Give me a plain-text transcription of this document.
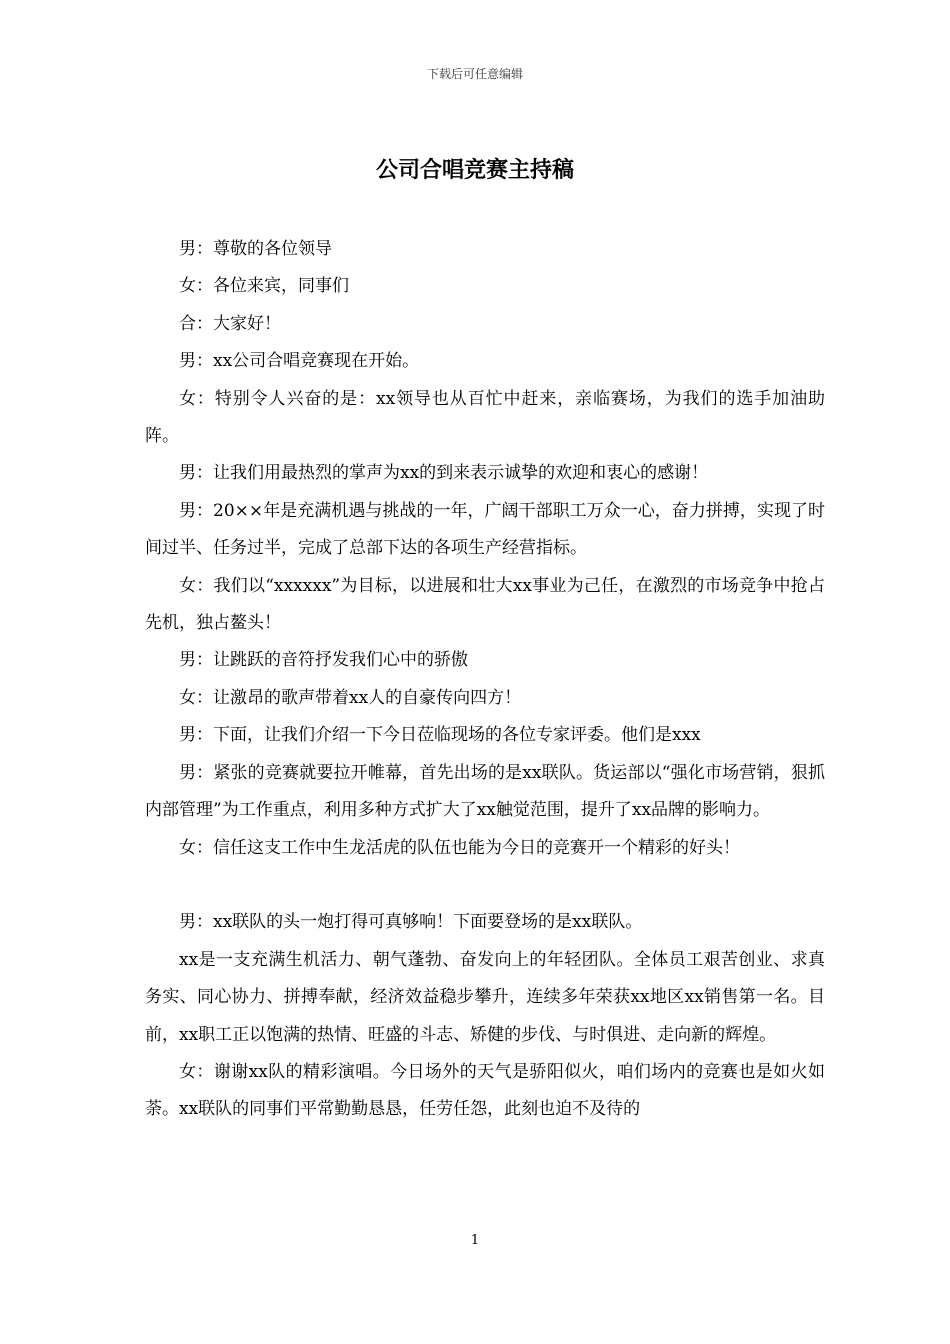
下载后可任意编辑
公司合唱竞赛主持稿

男：尊敬的各位领导

女：各位来宾，同事们

合：大家好！

男：xx公司合唱竞赛现在开始。

女：特别令人兴奋的是：xx领导也从百忙中赶来，亲临赛场，为我们的选手加油助阵。

男：让我们用最热烈的掌声为xx的到来表示诚挚的欢迎和衷心的感谢！

男：20××年是充满机遇与挑战的一年，广阔干部职工万众一心，奋力拼搏，实现了时间过半、任务过半，完成了总部下达的各项生产经营指标。

女：我们以“xxxxxx”为目标，以进展和壮大xx事业为己任，在激烈的市场竞争中抢占先机，独占鳌头！

男：让跳跃的音符抒发我们心中的骄傲

女：让激昂的歌声带着xx人的自豪传向四方！

男：下面，让我们介绍一下今日莅临现场的各位专家评委。他们是xxx

男：紧张的竞赛就要拉开帷幕，首先出场的是xx联队。货运部以“强化市场营销，狠抓内部管理”为工作重点，利用多种方式扩大了xx触觉范围，提升了xx品牌的影响力。

女：信任这支工作中生龙活虎的队伍也能为今日的竞赛开一个精彩的好头！

男：xx联队的头一炮打得可真够响！下面要登场的是xx联队。

xx是一支充满生机活力、朝气蓬勃、奋发向上的年轻团队。全体员工艰苦创业、求真务实、同心协力、拼搏奉献，经济效益稳步攀升，连续多年荣获xx地区xx销售第一名。目前，xx职工正以饱满的热情、旺盛的斗志、矫健的步伐、与时俱进、走向新的辉煌。

女：谢谢xx队的精彩演唱。今日场外的天气是骄阳似火，咱们场内的竞赛也是如火如荼。xx联队的同事们平常勤勤恳恳，任劳任怨，此刻也迫不及待的

1
